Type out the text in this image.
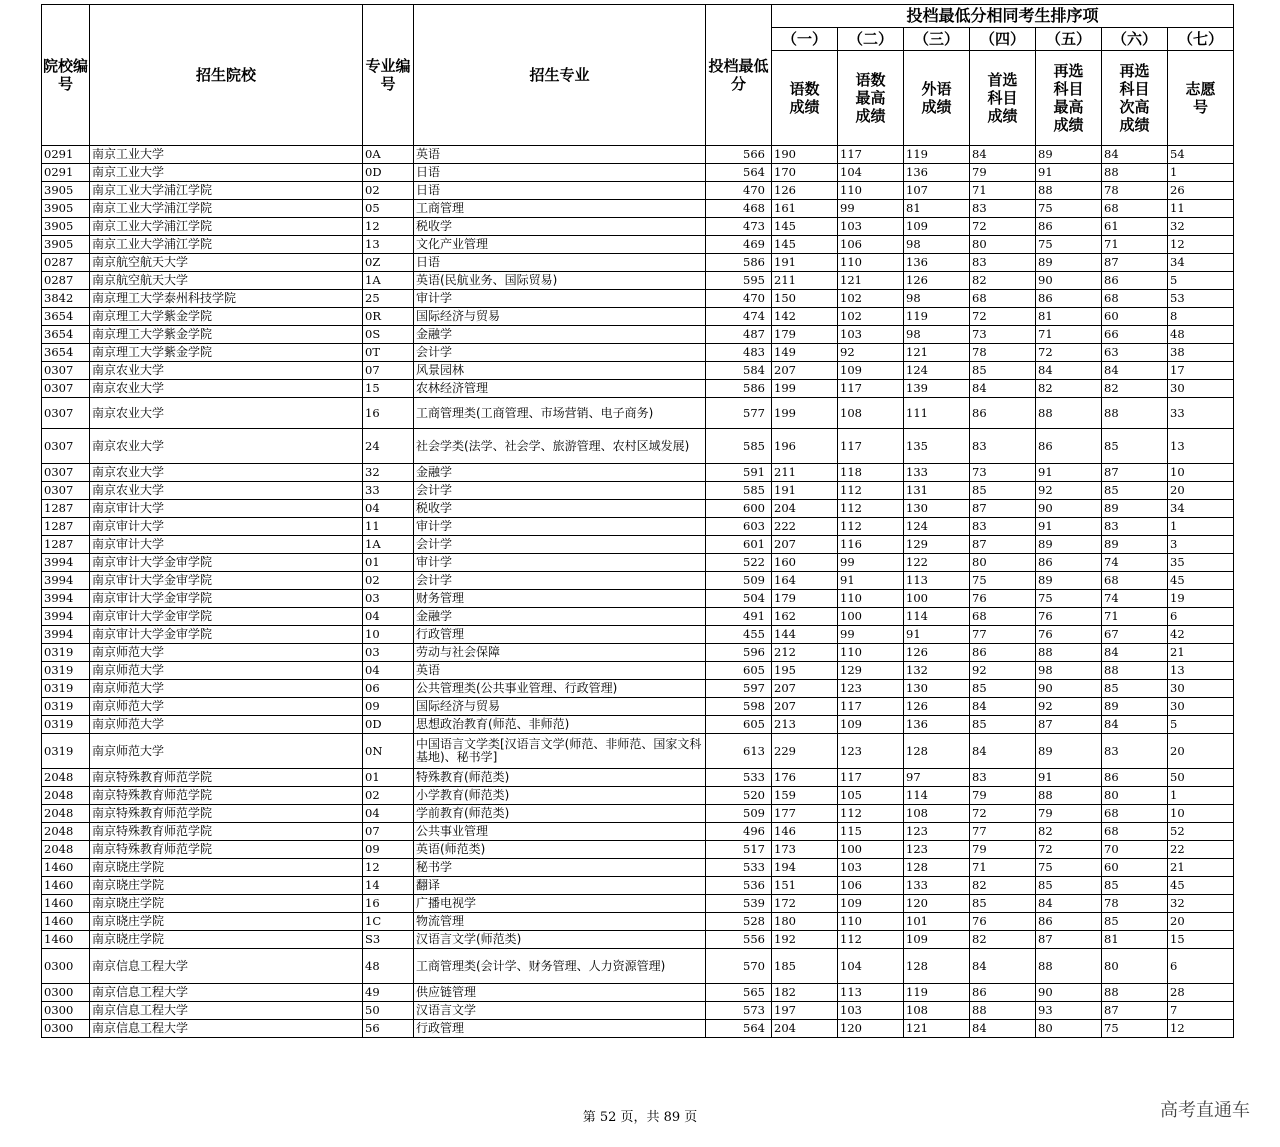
院校编号	招生院校	专业编号	招生专业	投档最低分	投档最低分相同考生排序项						
					（一）	（二）	（三）	（四）	（五）	（六）	（七）
					语数成绩	语数最高成绩	外语成绩	首选科目成绩	再选科目最高成绩	再选科目次高成绩	志愿号
0291	南京工业大学	0A	英语	566	190	117	119	84	89	84	54
0291	南京工业大学	0D	日语	564	170	104	136	79	91	88	1
3905	南京工业大学浦江学院	02	日语	470	126	110	107	71	88	78	26
3905	南京工业大学浦江学院	05	工商管理	468	161	99	81	83	75	68	11
3905	南京工业大学浦江学院	12	税收学	473	145	103	109	72	86	61	32
3905	南京工业大学浦江学院	13	文化产业管理	469	145	106	98	80	75	71	12
0287	南京航空航天大学	0Z	日语	586	191	110	136	83	89	87	34
0287	南京航空航天大学	1A	英语(民航业务、国际贸易)	595	211	121	126	82	90	86	5
3842	南京理工大学泰州科技学院	25	审计学	470	150	102	98	68	86	68	53
3654	南京理工大学紫金学院	0R	国际经济与贸易	474	142	102	119	72	81	60	8
3654	南京理工大学紫金学院	0S	金融学	487	179	103	98	73	71	66	48
3654	南京理工大学紫金学院	0T	会计学	483	149	92	121	78	72	63	38
0307	南京农业大学	07	风景园林	584	207	109	124	85	84	84	17
0307	南京农业大学	15	农林经济管理	586	199	117	139	84	82	82	30
0307	南京农业大学	16	工商管理类(工商管理、市场营销、电子商务)	577	199	108	111	86	88	88	33
0307	南京农业大学	24	社会学类(法学、社会学、旅游管理、农村区域发展)	585	196	117	135	83	86	85	13
0307	南京农业大学	32	金融学	591	211	118	133	73	91	87	10
0307	南京农业大学	33	会计学	585	191	112	131	85	92	85	20
1287	南京审计大学	04	税收学	600	204	112	130	87	90	89	34
1287	南京审计大学	11	审计学	603	222	112	124	83	91	83	1
1287	南京审计大学	1A	会计学	601	207	116	129	87	89	89	3
3994	南京审计大学金审学院	01	审计学	522	160	99	122	80	86	74	35
3994	南京审计大学金审学院	02	会计学	509	164	91	113	75	89	68	45
3994	南京审计大学金审学院	03	财务管理	504	179	110	100	76	75	74	19
3994	南京审计大学金审学院	04	金融学	491	162	100	114	68	76	71	6
3994	南京审计大学金审学院	10	行政管理	455	144	99	91	77	76	67	42
0319	南京师范大学	03	劳动与社会保障	596	212	110	126	86	88	84	21
0319	南京师范大学	04	英语	605	195	129	132	92	98	88	13
0319	南京师范大学	06	公共管理类(公共事业管理、行政管理)	597	207	123	130	85	90	85	30
0319	南京师范大学	09	国际经济与贸易	598	207	117	126	84	92	89	30
0319	南京师范大学	0D	思想政治教育(师范、非师范)	605	213	109	136	85	87	84	5
0319	南京师范大学	0N	中国语言文学类[汉语言文学(师范、非师范、国家文科基地)、秘书学]	613	229	123	128	84	89	83	20
2048	南京特殊教育师范学院	01	特殊教育(师范类)	533	176	117	97	83	91	86	50
2048	南京特殊教育师范学院	02	小学教育(师范类)	520	159	105	114	79	88	80	1
2048	南京特殊教育师范学院	04	学前教育(师范类)	509	177	112	108	72	79	68	10
2048	南京特殊教育师范学院	07	公共事业管理	496	146	115	123	77	82	68	52
2048	南京特殊教育师范学院	09	英语(师范类)	517	173	100	123	79	72	70	22
1460	南京晓庄学院	12	秘书学	533	194	103	128	71	75	60	21
1460	南京晓庄学院	14	翻译	536	151	106	133	82	85	85	45
1460	南京晓庄学院	16	广播电视学	539	172	109	120	85	84	78	32
1460	南京晓庄学院	1C	物流管理	528	180	110	101	76	86	85	20
1460	南京晓庄学院	S3	汉语言文学(师范类)	556	192	112	109	82	87	81	15
0300	南京信息工程大学	48	工商管理类(会计学、财务管理、人力资源管理)	570	185	104	128	84	88	80	6
0300	南京信息工程大学	49	供应链管理	565	182	113	119	86	90	88	28
0300	南京信息工程大学	50	汉语言文学	573	197	103	108	88	93	87	7
0300	南京信息工程大学	56	行政管理	564	204	120	121	84	80	75	12
第 52 页，共 89 页	高考直通车
